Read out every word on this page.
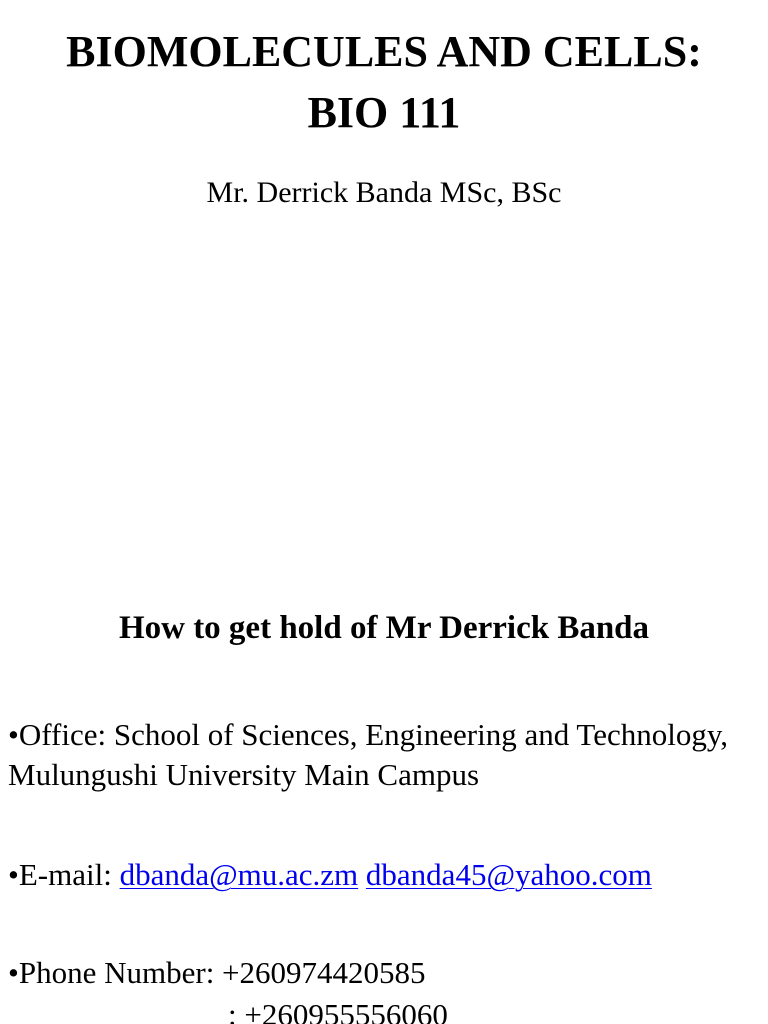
BIOMOLECULES AND CELLS:
BIO 111
Mr. Derrick Banda MSc, BSc
How to get hold of Mr Derrick Banda
•Office: School of Sciences, Engineering and Technology, Mulungushi University Main Campus
•E-mail: dbanda@mu.ac.zm dbanda45@yahoo.com
•Phone Number: +260974420585
: +260955556060
